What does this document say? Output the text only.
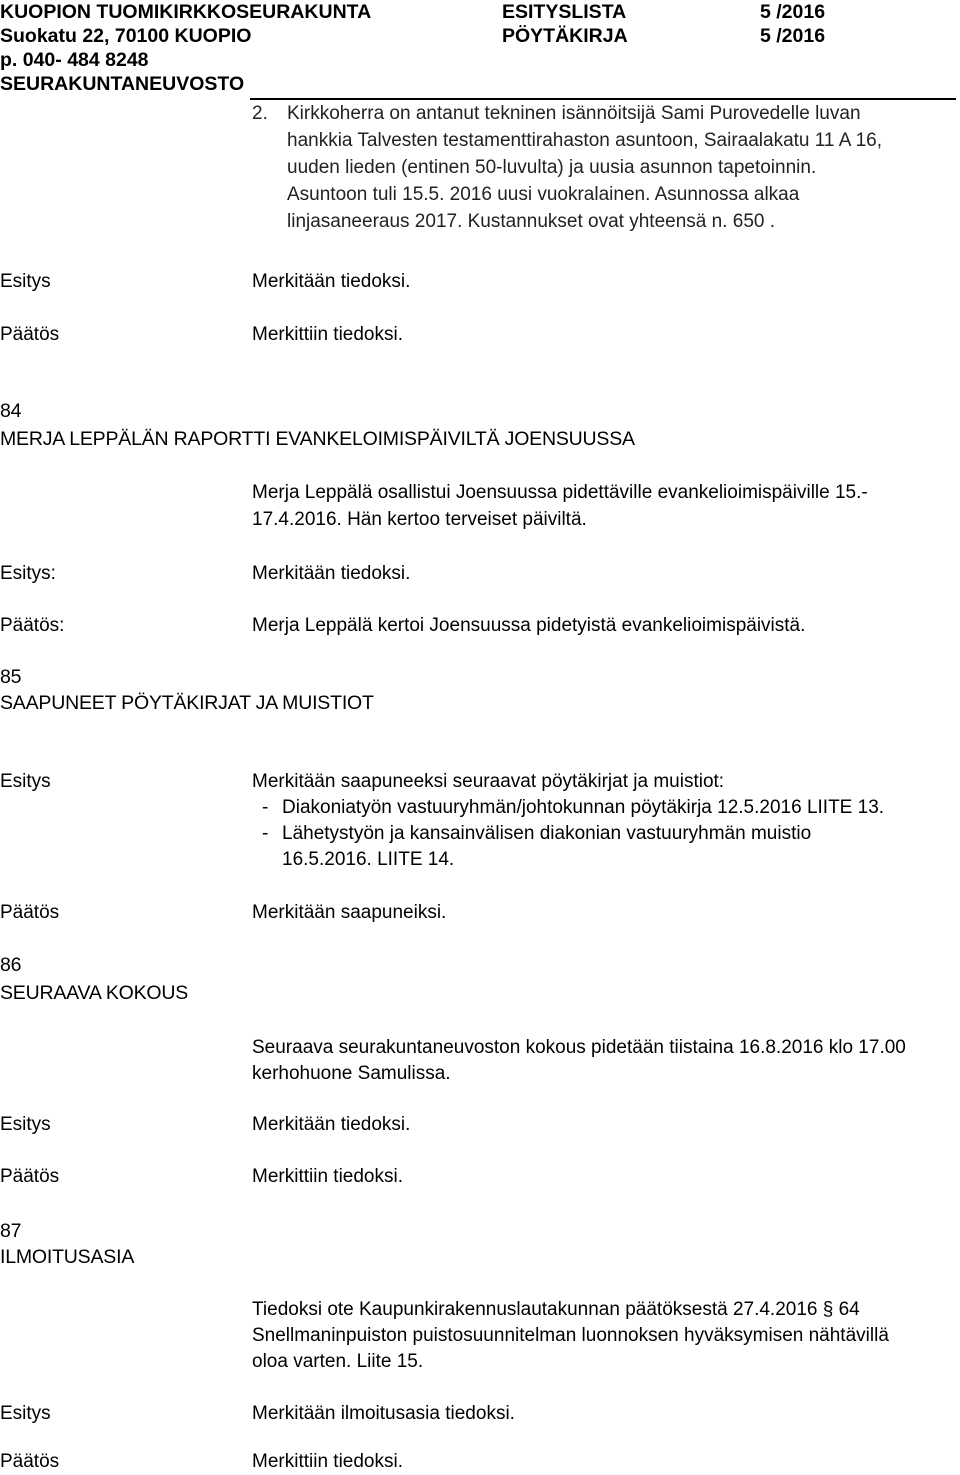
KUOPION TUOMIKIRKKOSEURAKUNTA	ESITYSLISTA	5 /2016
Suokatu 22, 70100 KUOPIO	PÖYTÄKIRJA	5 /2016
p. 040- 484 8248
SEURAKUNTANEUVOSTO
2. Kirkkoherra on antanut tekninen isännöitsijä Sami Purovedelle luvan
hankkia Talvesten testamenttirahaston asuntoon, Sairaalakatu 11 A 16,
uuden lieden (entinen 50-luvulta) ja uusia asunnon tapetoinnin.
Asuntoon tuli 15.5. 2016 uusi vuokralainen. Asunnossa alkaa
linjasaneeraus 2017. Kustannukset ovat yhteensä n. 650 .
Esitys	Merkitään tiedoksi.
Päätös	Merkittiin tiedoksi.
84
MERJA LEPPÄLÄN RAPORTTI EVANKELOIMISPÄIVILTÄ JOENSUUSSA
Merja Leppälä osallistui Joensuussa pidettäville evankelioimispäiville 15.-
17.4.2016. Hän kertoo terveiset päiviltä.
Esitys:	Merkitään tiedoksi.
Päätös:	Merja Leppälä kertoi Joensuussa pidetyistä evankelioimispäivistä.
85
SAAPUNEET PÖYTÄKIRJAT JA MUISTIOT
Esitys	Merkitään saapuneeksi seuraavat pöytäkirjat ja muistiot:
- Diakoniatyön vastuuryhmän/johtokunnan pöytäkirja 12.5.2016 LIITE 13.
- Lähetystyön ja kansainvälisen diakonian vastuuryhmän muistio
16.5.2016. LIITE 14.
Päätös	Merkitään saapuneiksi.
86
SEURAAVA KOKOUS
Seuraava seurakuntaneuvoston kokous pidetään tiistaina 16.8.2016 klo 17.00
kerhohuone Samulissa.
Esitys	Merkitään tiedoksi.
Päätös	Merkittiin tiedoksi.
87
ILMOITUSASIA
Tiedoksi ote Kaupunkirakennuslautakunnan päätöksestä 27.4.2016 § 64
Snellmaninpuiston puistosuunnitelman luonnoksen hyväksymisen nähtävillä
oloa varten. Liite 15.
Esitys	Merkitään ilmoitusasia tiedoksi.
Päätös	Merkittiin tiedoksi.
